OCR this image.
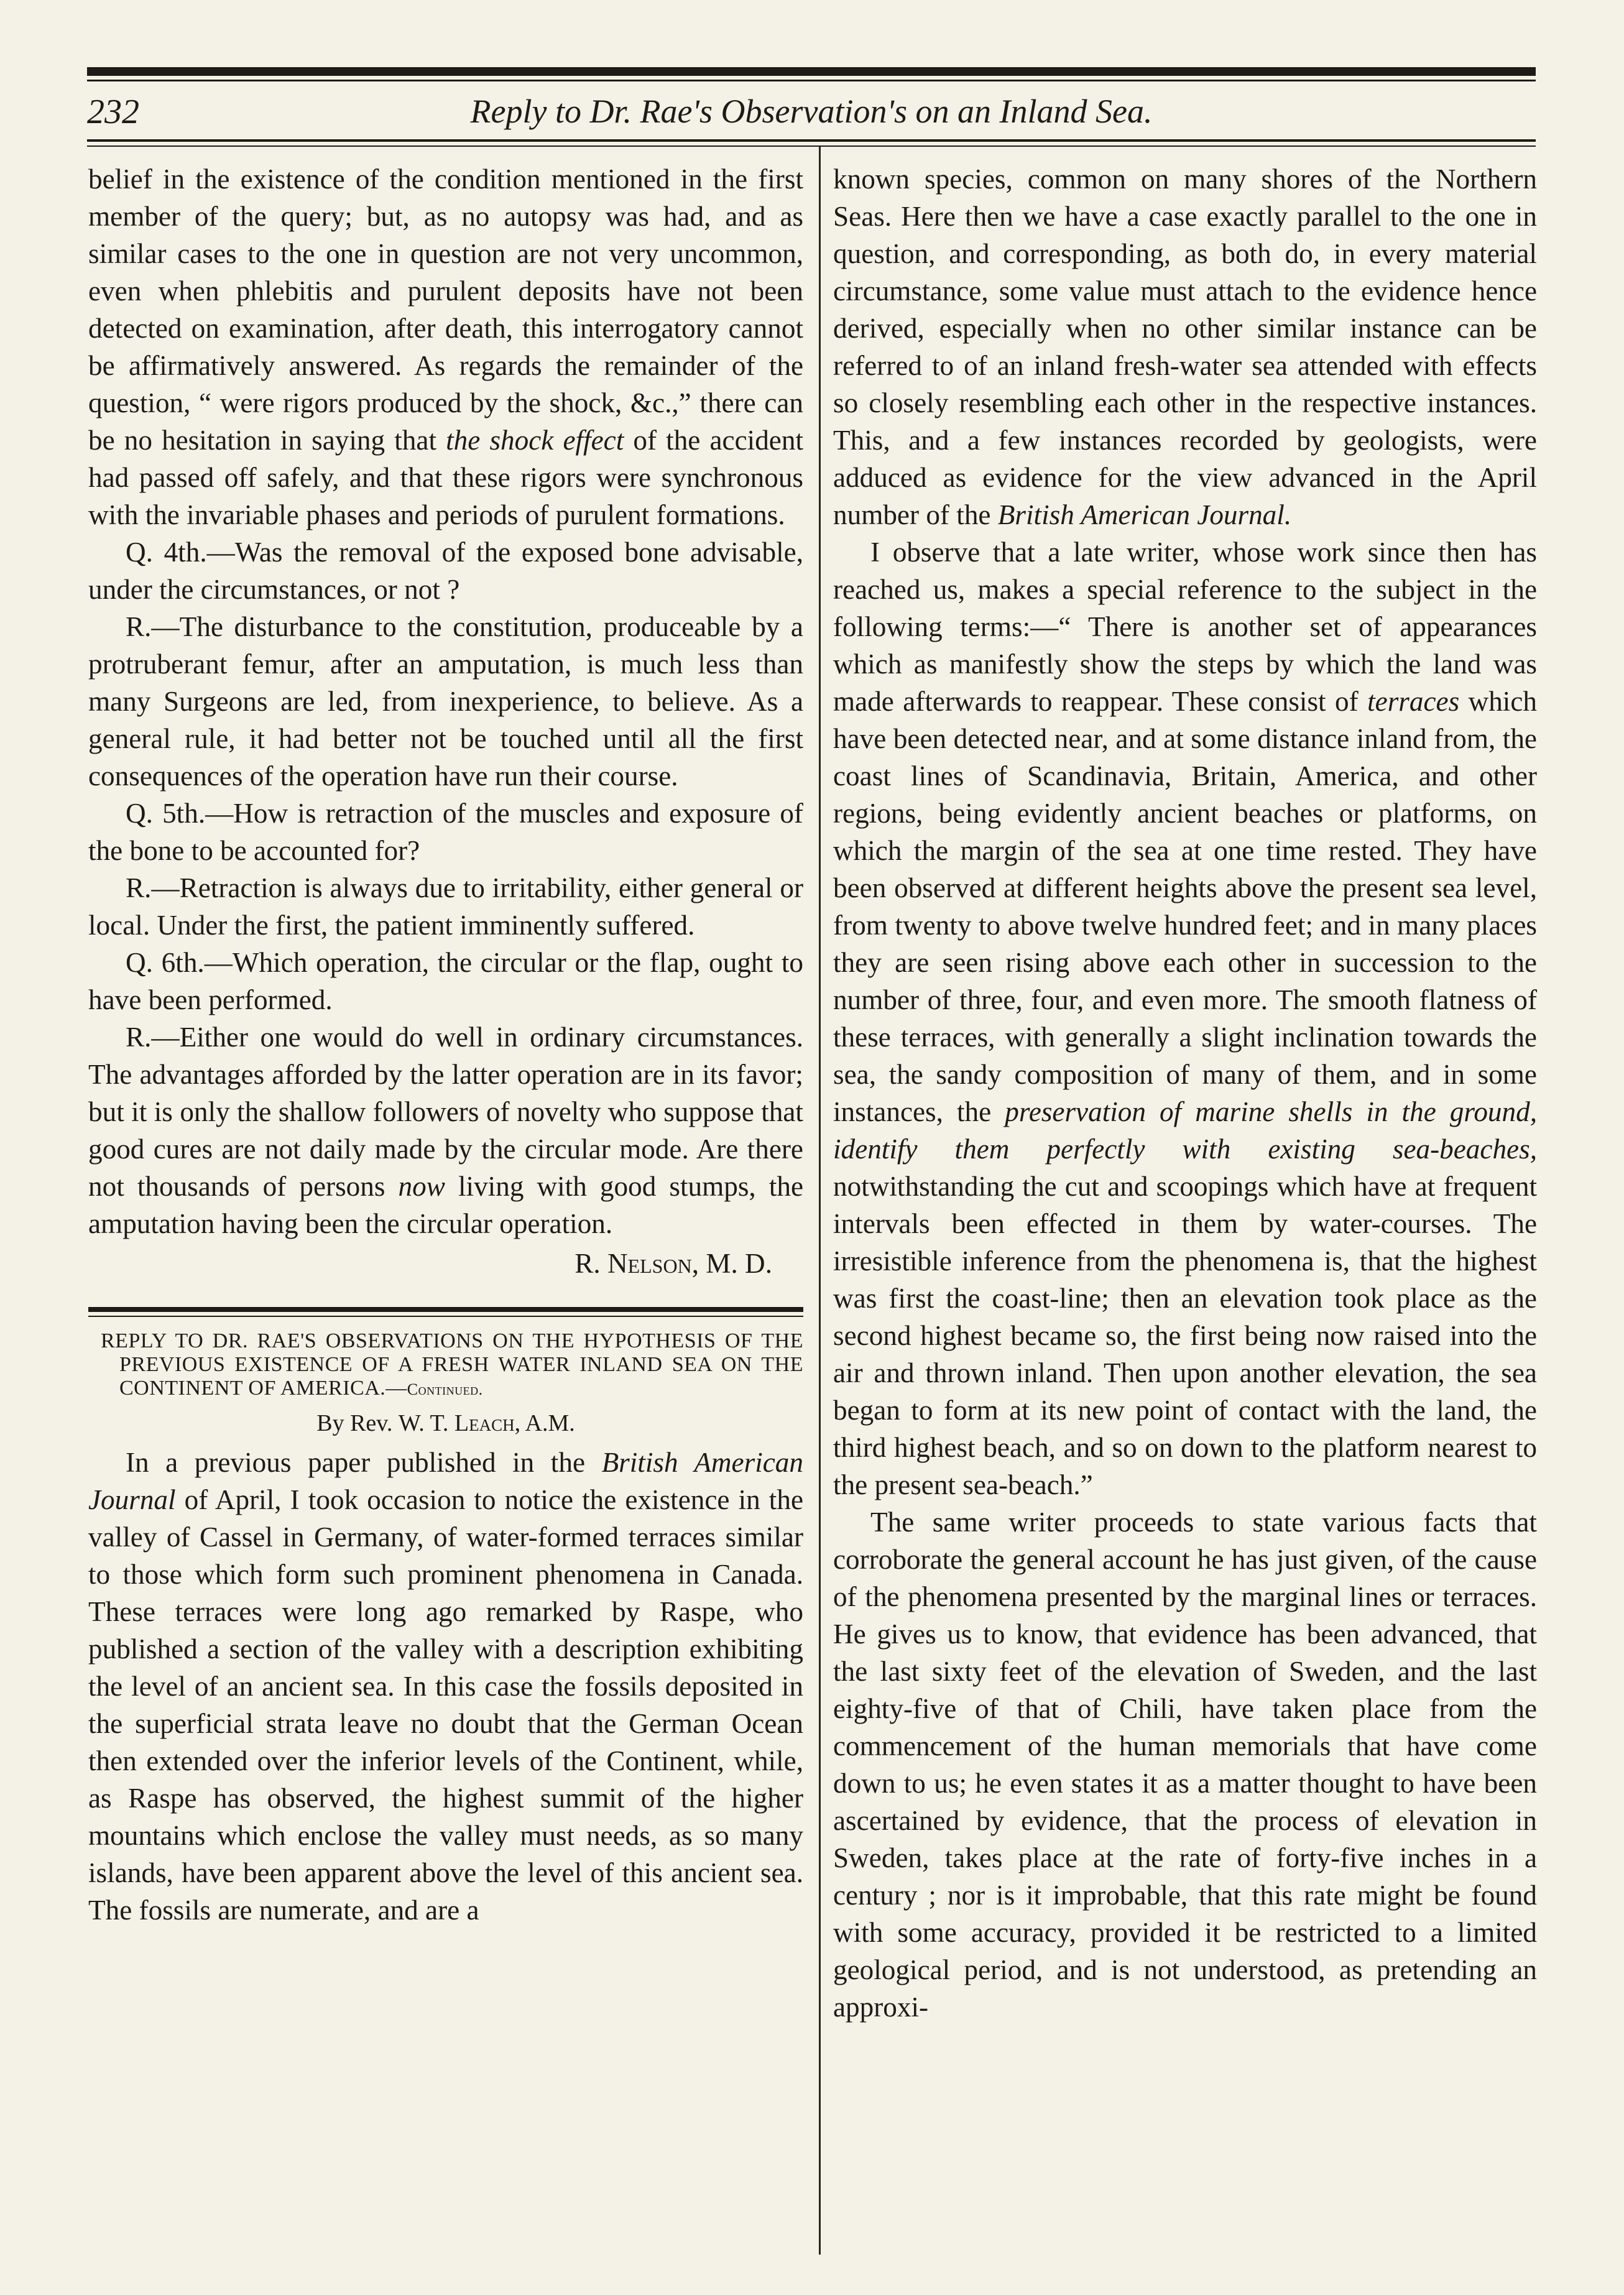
232	Reply to Dr. Rae's Observation's on an Inland Sea.

belief in the existence of the condition mentioned in the first member of the query; but, as no autopsy was had, and as similar cases to the one in question are not very uncommon, even when phlebitis and purulent deposits have not been detected on examination, after death, this interrogatory cannot be affirmatively answered. As regards the remainder of the question, “ were rigors produced by the shock, &c.,” there can be no hesitation in saying that the shock effect of the accident had passed off safely, and that these rigors were synchronous with the invariable phases and periods of purulent formations.

Q. 4th.—Was the removal of the exposed bone advisable, under the circumstances, or not ?

R.—The disturbance to the constitution, produceable by a protruberant femur, after an amputation, is much less than many Surgeons are led, from inexperience, to believe. As a general rule, it had better not be touched until all the first consequences of the operation have run their course.

Q. 5th.—How is retraction of the muscles and exposure of the bone to be accounted for?

R.—Retraction is always due to irritability, either general or local. Under the first, the patient imminently suffered.

Q. 6th.—Which operation, the circular or the flap, ought to have been performed.

R.—Either one would do well in ordinary circumstances. The advantages afforded by the latter operation are in its favor; but it is only the shallow followers of novelty who suppose that good cures are not daily made by the circular mode. Are there not thousands of persons now living with good stumps, the amputation having been the circular operation.

R. Nelson, M. D.

REPLY TO DR. RAE'S OBSERVATIONS ON THE HYPOTHESIS OF THE PREVIOUS EXISTENCE OF A FRESH WATER INLAND SEA ON THE CONTINENT OF AMERICA.—Continued.

By Rev. W. T. Leach, A.M.

In a previous paper published in the British American Journal of April, I took occasion to notice the existence in the valley of Cassel in Germany, of water-formed terraces similar to those which form such prominent phenomena in Canada. These terraces were long ago remarked by Raspe, who published a section of the valley with a description exhibiting the level of an ancient sea. In this case the fossils deposited in the superficial strata leave no doubt that the German Ocean then extended over the inferior levels of the Continent, while, as Raspe has observed, the highest summit of the higher mountains which enclose the valley must needs, as so many islands, have been apparent above the level of this ancient sea. The fossils are numerate, and are a

known species, common on many shores of the Northern Seas. Here then we have a case exactly parallel to the one in question, and corresponding, as both do, in every material circumstance, some value must attach to the evidence hence derived, especially when no other similar instance can be referred to of an inland fresh-water sea attended with effects so closely resembling each other in the respective instances. This, and a few instances recorded by geologists, were adduced as evidence for the view advanced in the April number of the British American Journal.

I observe that a late writer, whose work since then has reached us, makes a special reference to the subject in the following terms:—“ There is another set of appearances which as manifestly show the steps by which the land was made afterwards to reappear. These consist of terraces which have been detected near, and at some distance inland from, the coast lines of Scandinavia, Britain, America, and other regions, being evidently ancient beaches or platforms, on which the margin of the sea at one time rested. They have been observed at different heights above the present sea level, from twenty to above twelve hundred feet; and in many places they are seen rising above each other in succession to the number of three, four, and even more. The smooth flatness of these terraces, with generally a slight inclination towards the sea, the sandy composition of many of them, and in some instances, the preservation of marine shells in the ground, identify them perfectly with existing sea-beaches, notwithstanding the cut and scoopings which have at frequent intervals been effected in them by water-courses. The irresistible inference from the phenomena is, that the highest was first the coast-line; then an elevation took place as the second highest became so, the first being now raised into the air and thrown inland. Then upon another elevation, the sea began to form at its new point of contact with the land, the third highest beach, and so on down to the platform nearest to the present sea-beach.”

The same writer proceeds to state various facts that corroborate the general account he has just given, of the cause of the phenomena presented by the marginal lines or terraces. He gives us to know, that evidence has been advanced, that the last sixty feet of the elevation of Sweden, and the last eighty-five of that of Chili, have taken place from the commencement of the human memorials that have come down to us; he even states it as a matter thought to have been ascertained by evidence, that the process of elevation in Sweden, takes place at the rate of forty-five inches in a century ; nor is it improbable, that this rate might be found with some accuracy, provided it be restricted to a limited geological period, and is not understood, as pretending an approxi-
